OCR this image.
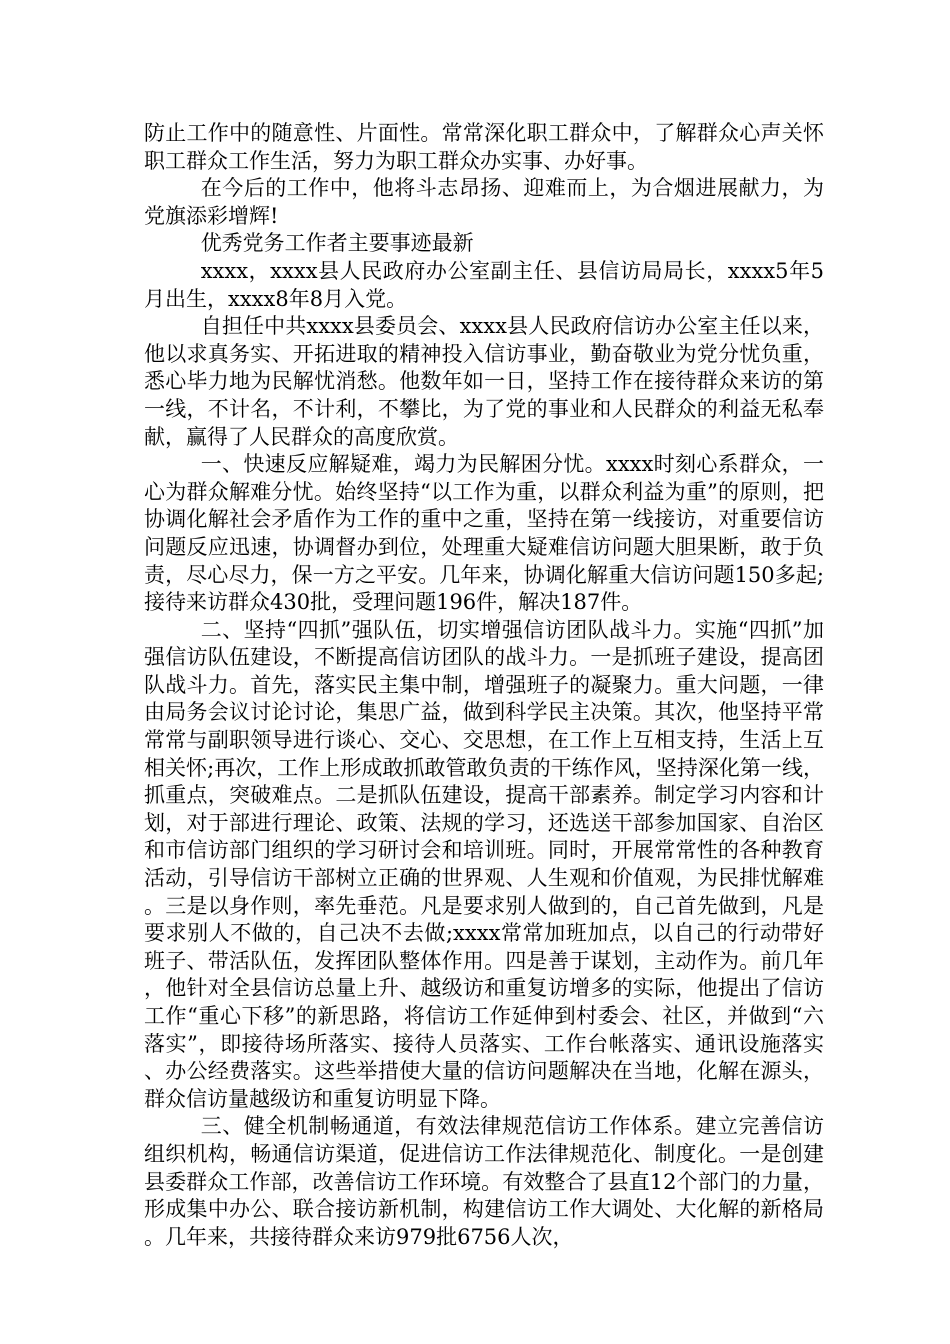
防止工作中的随意性、片面性。常常深化职工群众中，了解群众心声关怀职工群众工作生活，努力为职工群众办实事、办好事。

在今后的工作中，他将斗志昂扬、迎难而上，为合烟进展献力，为党旗添彩增辉!

优秀党务工作者主要事迹最新

xxxx，xxxx县人民政府办公室副主任、县信访局局长，xxxx5年5月出生，xxxx8年8月入党。

自担任中共xxxx县委员会、xxxx县人民政府信访办公室主任以来，他以求真务实、开拓进取的精神投入信访事业，勤奋敬业为党分忧负重，悉心毕力地为民解忧消愁。他数年如一日，坚持工作在接待群众来访的第一线，不计名，不计利，不攀比，为了党的事业和人民群众的利益无私奉献，赢得了人民群众的高度欣赏。

一、快速反应解疑难，竭力为民解困分忧。xxxx时刻心系群众，一心为群众解难分忧。始终坚持“以工作为重，以群众利益为重”的原则，把协调化解社会矛盾作为工作的重中之重，坚持在第一线接访，对重要信访问题反应迅速，协调督办到位，处理重大疑难信访问题大胆果断，敢于负责，尽心尽力，保一方之平安。几年来，协调化解重大信访问题150多起;接待来访群众430批，受理问题196件，解决187件。

二、坚持“四抓”强队伍，切实增强信访团队战斗力。实施“四抓”加强信访队伍建设，不断提高信访团队的战斗力。一是抓班子建设，提高团队战斗力。首先，落实民主集中制，增强班子的凝聚力。重大问题，一律由局务会议讨论讨论，集思广益，做到科学民主决策。其次，他坚持平常常常与副职领导进行谈心、交心、交思想，在工作上互相支持，生活上互相关怀;再次，工作上形成敢抓敢管敢负责的干练作风，坚持深化第一线，抓重点，突破难点。二是抓队伍建设，提高干部素养。制定学习内容和计划，对于部进行理论、政策、法规的学习，还选送干部参加国家、自治区和市信访部门组织的学习研讨会和培训班。同时，开展常常性的各种教育活动，引导信访干部树立正确的世界观、人生观和价值观，为民排忧解难。三是以身作则，率先垂范。凡是要求别人做到的，自己首先做到，凡是要求别人不做的，自己决不去做;xxxx常常加班加点，以自己的行动带好班子、带活队伍，发挥团队整体作用。四是善于谋划，主动作为。前几年，他针对全县信访总量上升、越级访和重复访增多的实际，他提出了信访工作“重心下移”的新思路，将信访工作延伸到村委会、社区，并做到“六落实”，即接待场所落实、接待人员落实、工作台帐落实、通讯设施落实、办公经费落实。这些举措使大量的信访问题解决在当地，化解在源头，群众信访量越级访和重复访明显下降。

三、健全机制畅通道，有效法律规范信访工作体系。建立完善信访组织机构，畅通信访渠道，促进信访工作法律规范化、制度化。一是创建县委群众工作部，改善信访工作环境。有效整合了县直12个部门的力量，形成集中办公、联合接访新机制，构建信访工作大调处、大化解的新格局。几年来，共接待群众来访979批6756人次，
